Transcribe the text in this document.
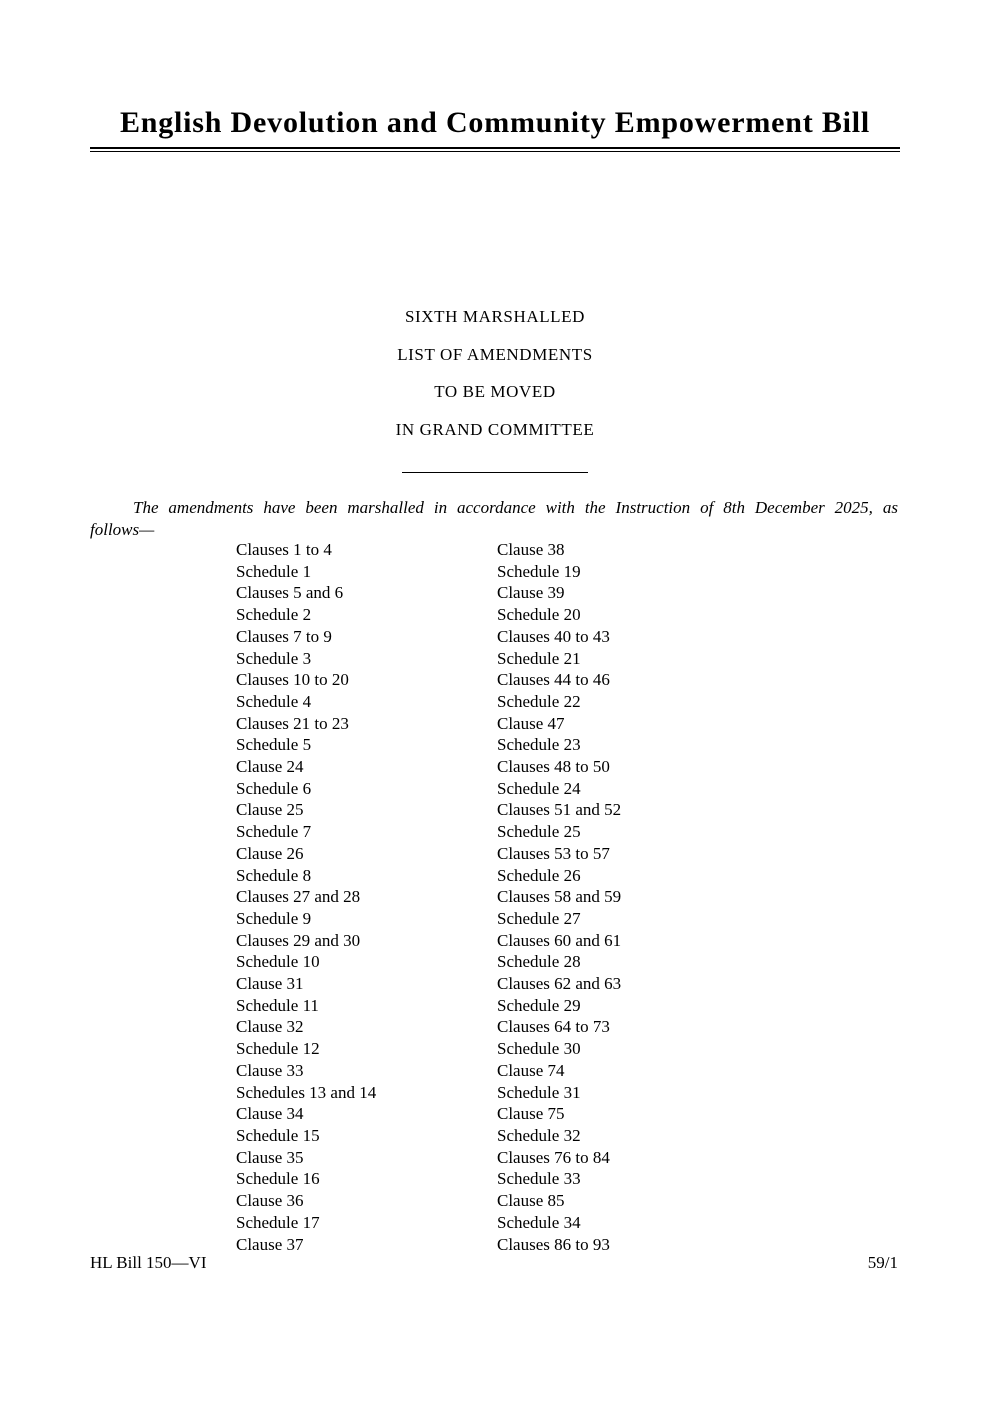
English Devolution and Community Empowerment Bill
SIXTH MARSHALLED
LIST OF AMENDMENTS
TO BE MOVED
IN GRAND COMMITTEE

The amendments have been marshalled in accordance with the Instruction of 8th December 2025, as
follows—

Clauses 1 to 4
Schedule 1
Clauses 5 and 6
Schedule 2
Clauses 7 to 9
Schedule 3
Clauses 10 to 20
Schedule 4
Clauses 21 to 23
Schedule 5
Clause 24
Schedule 6
Clause 25
Schedule 7
Clause 26
Schedule 8
Clauses 27 and 28
Schedule 9
Clauses 29 and 30
Schedule 10
Clause 31
Schedule 11
Clause 32
Schedule 12
Clause 33
Schedules 13 and 14
Clause 34
Schedule 15
Clause 35
Schedule 16
Clause 36
Schedule 17
Clause 37
Clause 38
Schedule 19
Clause 39
Schedule 20
Clauses 40 to 43
Schedule 21
Clauses 44 to 46
Schedule 22
Clause 47
Schedule 23
Clauses 48 to 50
Schedule 24
Clauses 51 and 52
Schedule 25
Clauses 53 to 57
Schedule 26
Clauses 58 and 59
Schedule 27
Clauses 60 and 61
Schedule 28
Clauses 62 and 63
Schedule 29
Clauses 64 to 73
Schedule 30
Clause 74
Schedule 31
Clause 75
Schedule 32
Clauses 76 to 84
Schedule 33
Clause 85
Schedule 34
Clauses 86 to 93
HL Bill 150—VI	59/1
